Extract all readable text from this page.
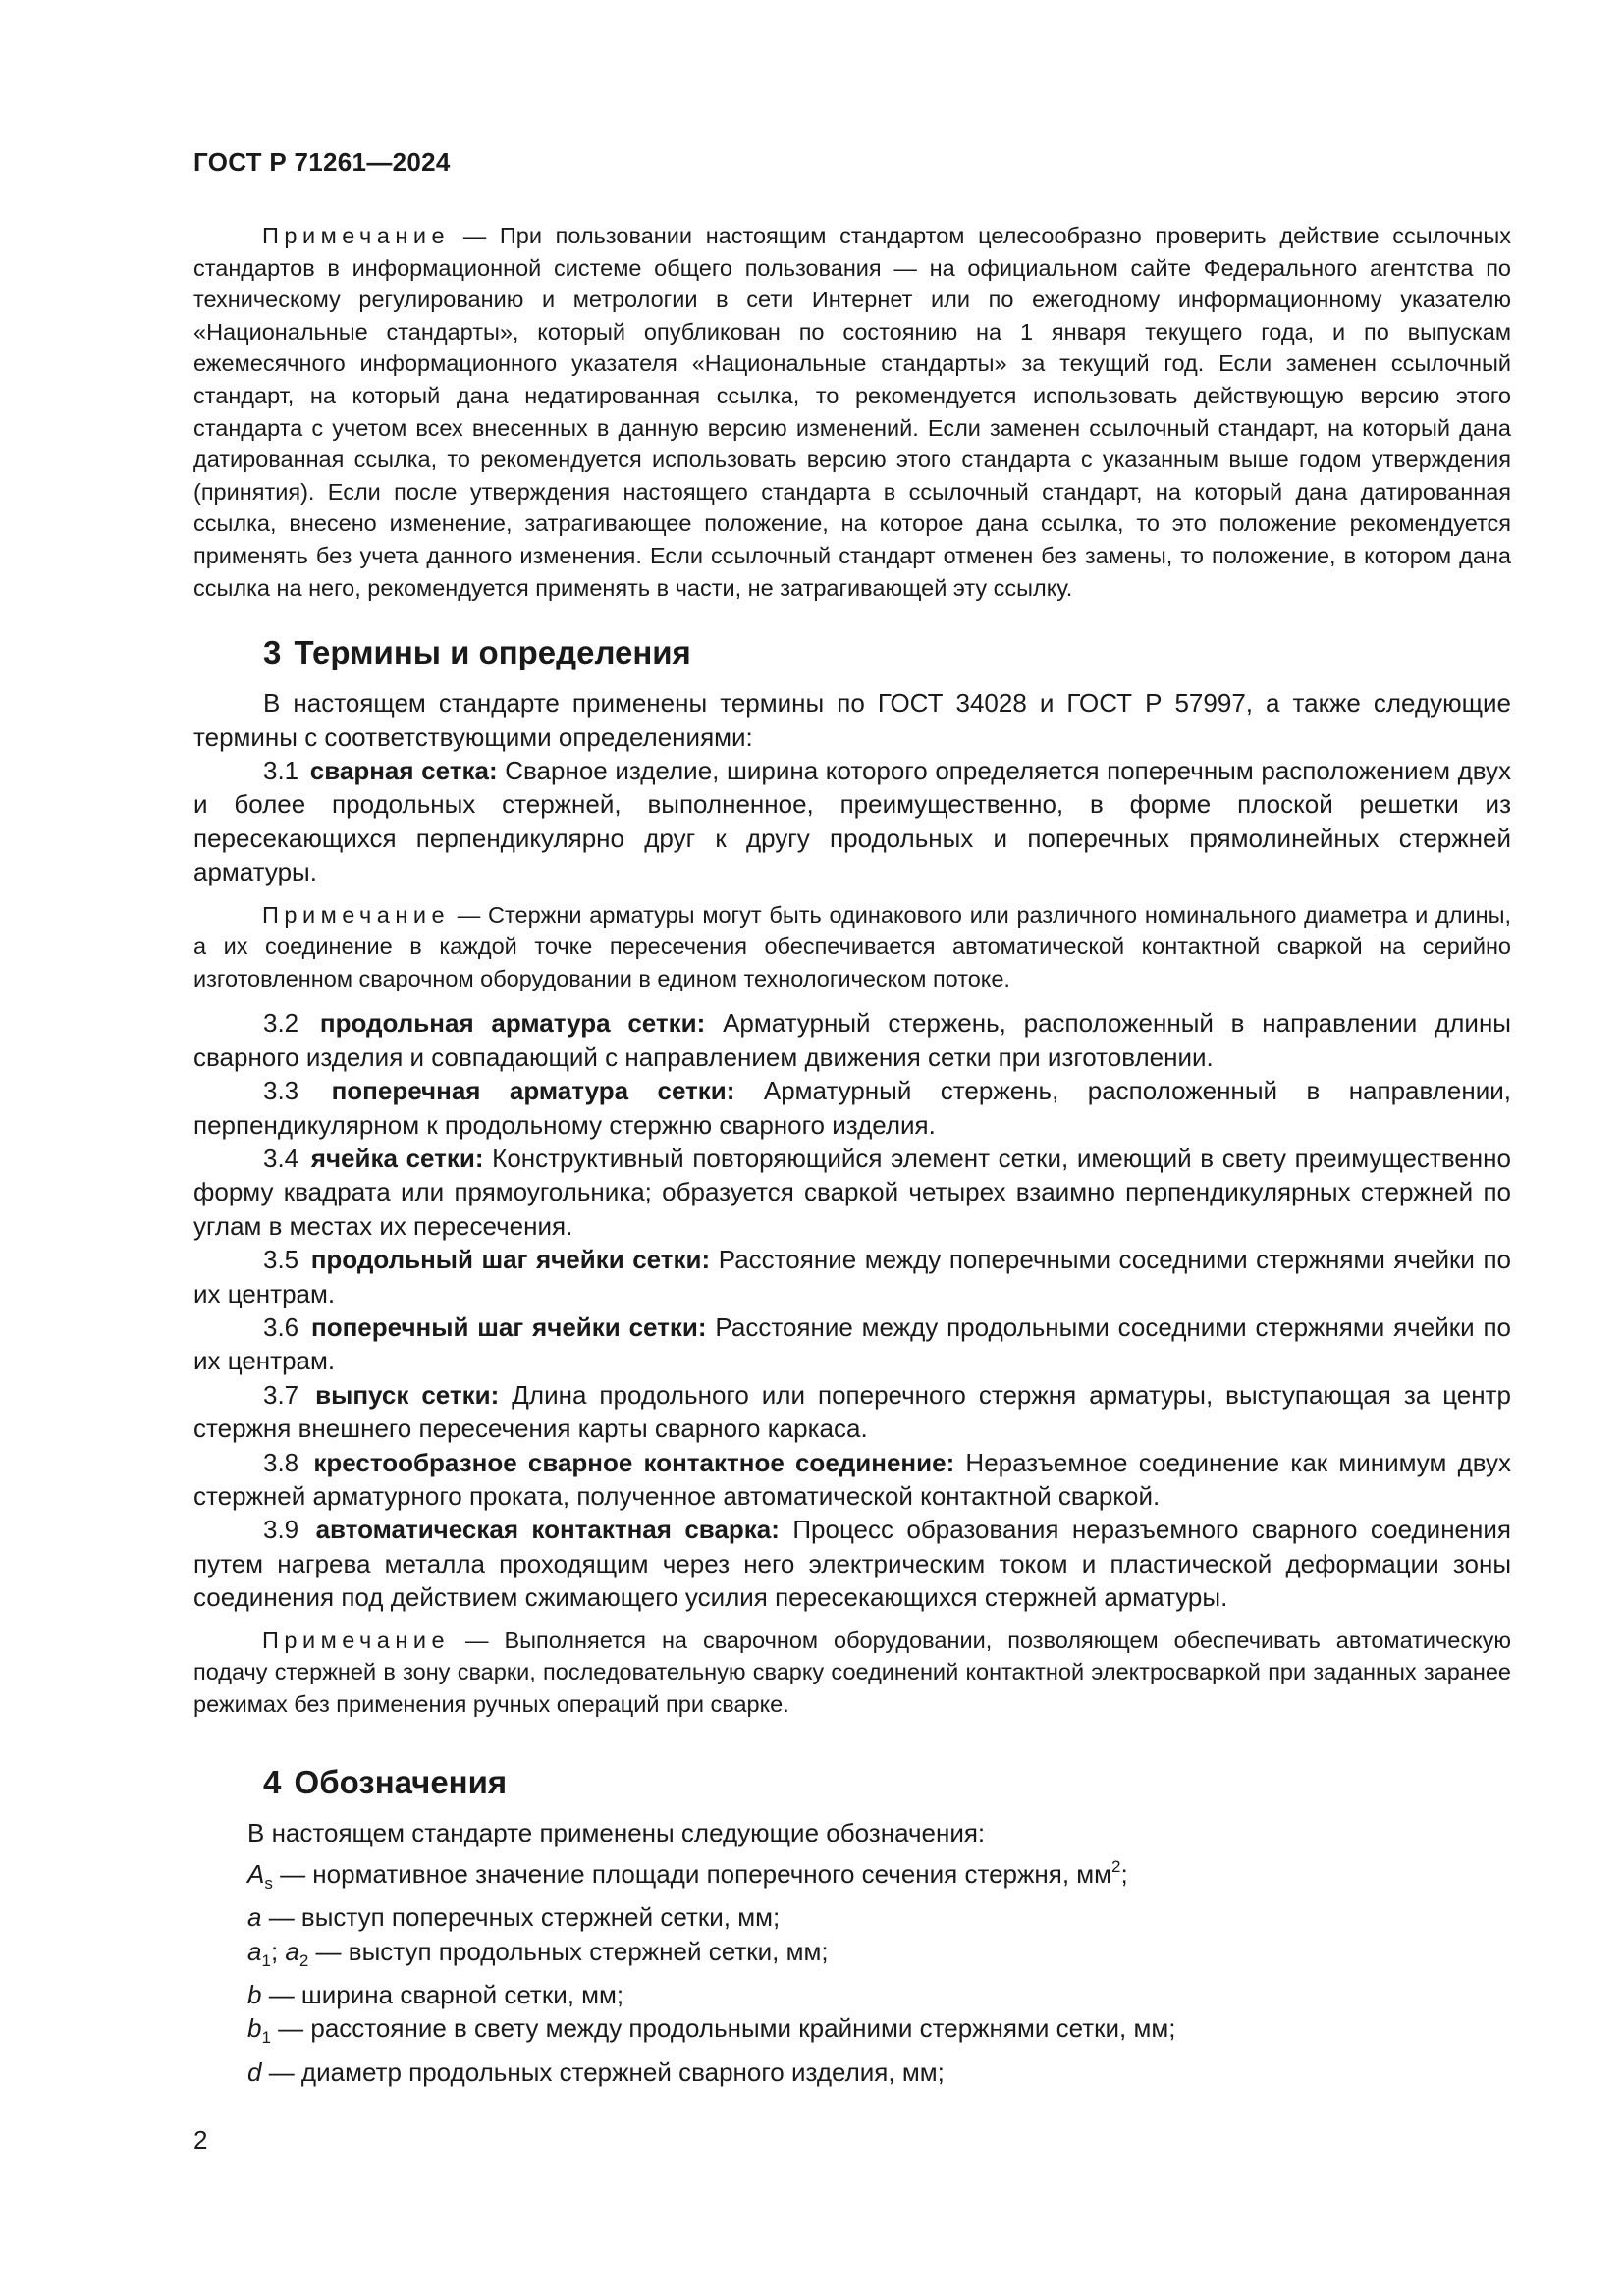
ГОСТ Р 71261—2024

Примечание — При пользовании настоящим стандартом целесообразно проверить действие ссылочных стандартов в информационной системе общего пользования — на официальном сайте Федерального агентства по техническому регулированию и метрологии в сети Интернет или по ежегодному информационному указателю «Национальные стандарты», который опубликован по состоянию на 1 января текущего года, и по выпускам ежемесячного информационного указателя «Национальные стандарты» за текущий год. Если заменен ссылочный стандарт, на который дана недатированная ссылка, то рекомендуется использовать действующую версию этого стандарта с учетом всех внесенных в данную версию изменений. Если заменен ссылочный стандарт, на который дана датированная ссылка, то рекомендуется использовать версию этого стандарта с указанным выше годом утверждения (принятия). Если после утверждения настоящего стандарта в ссылочный стандарт, на который дана датированная ссылка, внесено изменение, затрагивающее положение, на которое дана ссылка, то это положение рекомендуется применять без учета данного изменения. Если ссылочный стандарт отменен без замены, то положение, в котором дана ссылка на него, рекомендуется применять в части, не затрагивающей эту ссылку.

3 Термины и определения

В настоящем стандарте применены термины по ГОСТ 34028 и ГОСТ Р 57997, а также следующие термины с соответствующими определениями:

3.1 сварная сетка: Сварное изделие, ширина которого определяется поперечным расположением двух и более продольных стержней, выполненное, преимущественно, в форме плоской решетки из пересекающихся перпендикулярно друг к другу продольных и поперечных прямолинейных стержней арматуры.

Примечание — Стержни арматуры могут быть одинакового или различного номинального диаметра и длины, а их соединение в каждой точке пересечения обеспечивается автоматической контактной сваркой на серийно изготовленном сварочном оборудовании в едином технологическом потоке.

3.2 продольная арматура сетки: Арматурный стержень, расположенный в направлении длины сварного изделия и совпадающий с направлением движения сетки при изготовлении.

3.3 поперечная арматура сетки: Арматурный стержень, расположенный в направлении, перпендикулярном к продольному стержню сварного изделия.

3.4 ячейка сетки: Конструктивный повторяющийся элемент сетки, имеющий в свету преимущественно форму квадрата или прямоугольника; образуется сваркой четырех взаимно перпендикулярных стержней по углам в местах их пересечения.

3.5 продольный шаг ячейки сетки: Расстояние между поперечными соседними стержнями ячейки по их центрам.

3.6 поперечный шаг ячейки сетки: Расстояние между продольными соседними стержнями ячейки по их центрам.

3.7 выпуск сетки: Длина продольного или поперечного стержня арматуры, выступающая за центр стержня внешнего пересечения карты сварного каркаса.

3.8 крестообразное сварное контактное соединение: Неразъемное соединение как минимум двух стержней арматурного проката, полученное автоматической контактной сваркой.

3.9 автоматическая контактная сварка: Процесс образования неразъемного сварного соединения путем нагрева металла проходящим через него электрическим током и пластической деформации зоны соединения под действием сжимающего усилия пересекающихся стержней арматуры.

Примечание — Выполняется на сварочном оборудовании, позволяющем обеспечивать автоматическую подачу стержней в зону сварки, последовательную сварку соединений контактной электросваркой при заданных заранее режимах без применения ручных операций при сварке.

4 Обозначения

В настоящем стандарте применены следующие обозначения:

$A_s$ — нормативное значение площади поперечного сечения стержня, $мм^2$;

a — выступ поперечных стержней сетки, мм;

$a_1$; $a_2$ — выступ продольных стержней сетки, мм;

b — ширина сварной сетки, мм;

$b_1$ — расстояние в свету между продольными крайними стержнями сетки, мм;

d — диаметр продольных стержней сварного изделия, мм;

2
